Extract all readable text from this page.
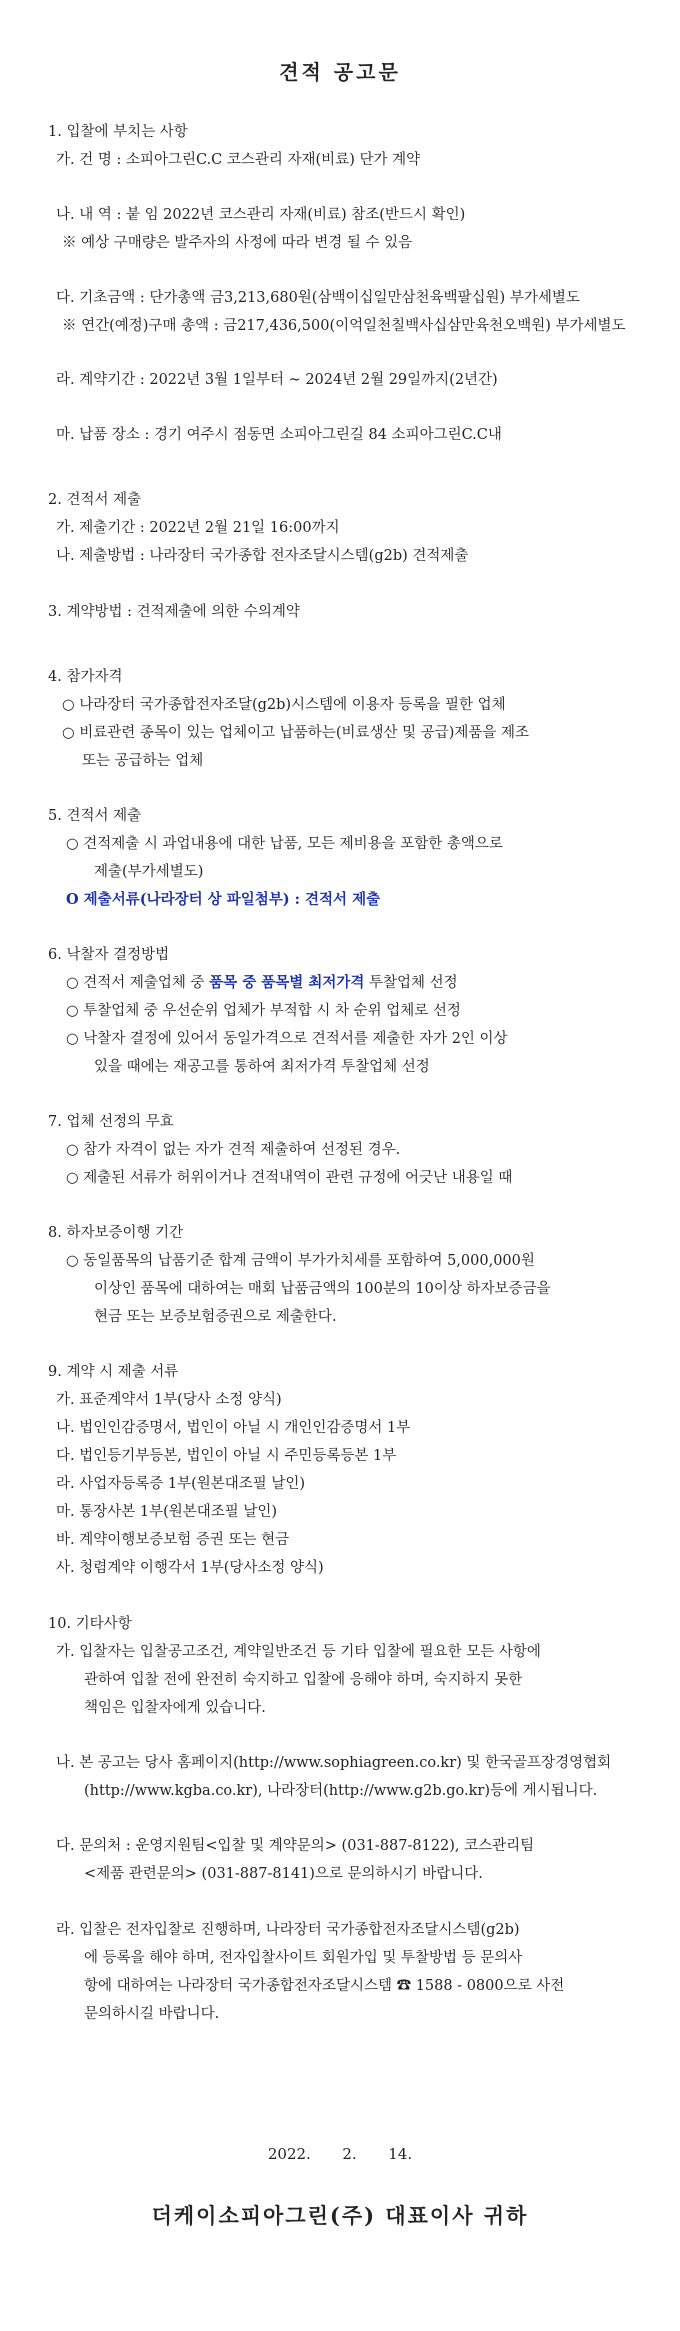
견적 공고문
1. 입찰에 부치는 사항
가. 건 명 : 소피아그린C.C 코스관리 자재(비료) 단가 계약
나. 내 역 : 붙 임 2022년 코스관리 자재(비료) 참조(반드시 확인)
※ 예상 구매량은 발주자의 사정에 따라 변경 될 수 있음
다. 기초금액 : 단가총액 금3,213,680원(삼백이십일만삼천육백팔십원) 부가세별도
※ 연간(예정)구매 총액 : 금217,436,500(이억일천칠백사십삼만육천오백원) 부가세별도
라. 계약기간 : 2022년 3월 1일부터 ~ 2024년 2월 29일까지(2년간)
마. 납품 장소 : 경기 여주시 점동면 소피아그린길 84 소피아그린C.C내
2. 견적서 제출
가. 제출기간 : 2022년 2월 21일 16:00까지
나. 제출방법 : 나라장터 국가종합 전자조달시스템(g2b) 견적제출
3. 계약방법 : 견적제출에 의한 수의계약
4. 참가자격
○ 나라장터 국가종합전자조달(g2b)시스템에 이용자 등록을 필한 업체
○ 비료관련 종목이 있는 업체이고 납품하는(비료생산 및 공급)제품을 제조
또는 공급하는 업체
5. 견적서 제출
○ 견적제출 시 과업내용에 대한 납품, 모든 제비용을 포함한 총액으로
제출(부가세별도)
O 제출서류(나라장터 상 파일첨부) : 견적서 제출
6. 낙찰자 결정방법
○ 견적서 제출업체 중 품목 중 품목별 최저가격 투찰업체 선정
○ 투찰업체 중 우선순위 업체가 부적합 시 차 순위 업체로 선정
○ 낙찰자 결정에 있어서 동일가격으로 견적서를 제출한 자가 2인 이상
있을 때에는 재공고를 통하여 최저가격 투찰업체 선정
7. 업체 선정의 무효
○ 참가 자격이 없는 자가 견적 제출하여 선정된 경우.
○ 제출된 서류가 허위이거나 견적내역이 관련 규정에 어긋난 내용일 때
8. 하자보증이행 기간
○ 동일품목의 납품기준 합계 금액이 부가가치세를 포함하여 5,000,000원
이상인 품목에 대하여는 매회 납품금액의 100분의 10이상 하자보증금을
현금 또는 보증보험증권으로 제출한다.
9. 계약 시 제출 서류
가. 표준계약서 1부(당사 소정 양식)
나. 법인인감증명서, 법인이 아닐 시 개인인감증명서 1부
다. 법인등기부등본, 법인이 아닐 시 주민등록등본 1부
라. 사업자등록증 1부(원본대조필 날인)
마. 통장사본 1부(원본대조필 날인)
바. 계약이행보증보험 증권 또는 현금
사. 청렴계약 이행각서 1부(당사소정 양식)
10. 기타사항
가. 입찰자는 입찰공고조건, 계약일반조건 등 기타 입찰에 필요한 모든 사항에
관하여 입찰 전에 완전히 숙지하고 입찰에 응해야 하며, 숙지하지 못한
책임은 입찰자에게 있습니다.
나. 본 공고는 당사 홈페이지(http://www.sophiagreen.co.kr) 및 한국골프장경영협회
(http://www.kgba.co.kr), 나라장터(http://www.g2b.go.kr)등에 게시됩니다.
다. 문의처 : 운영지원팀<입찰 및 계약문의> (031-887-8122), 코스관리팀
<제품 관련문의> (031-887-8141)으로 문의하시기 바랍니다.
라. 입찰은 전자입찰로 진행하며, 나라장터 국가종합전자조달시스템(g2b)
에 등록을 해야 하며, 전자입찰사이트 회원가입 및 투찰방법 등 문의사
항에 대하여는 나라장터 국가종합전자조달시스템 ☎ 1588 - 0800으로 사전
문의하시길 바랍니다.
2022. 2. 14.
더케이소피아그린(주) 대표이사 귀하
